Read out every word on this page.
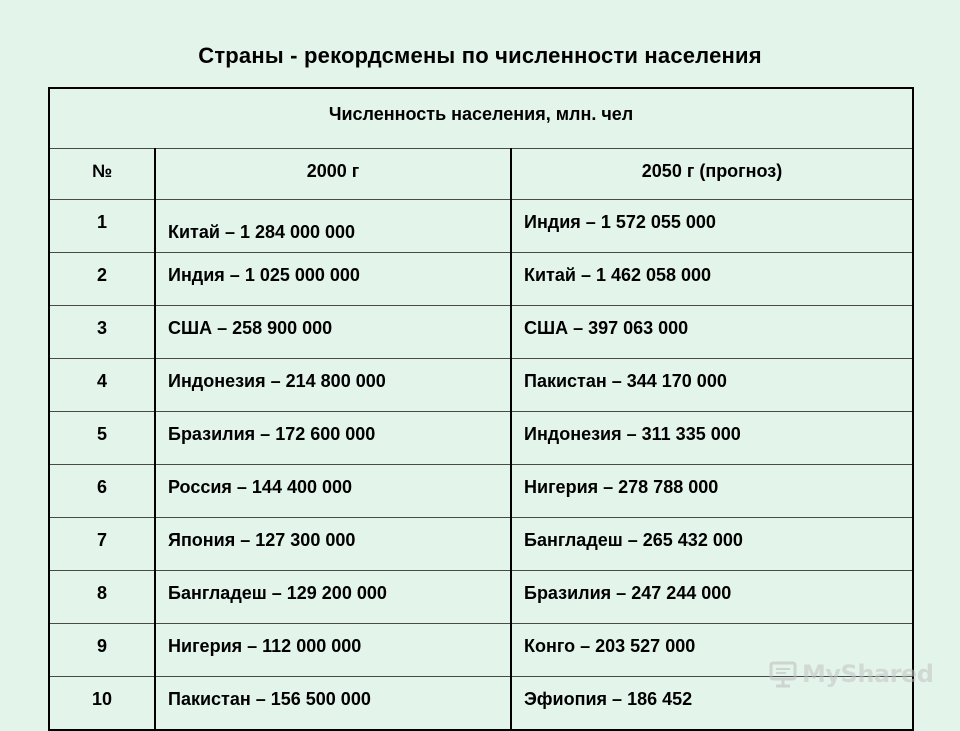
Страны - рекордсмены по численности населения
Численность населения, млн. чел		
№	2000 г	2050 г (прогноз)
1	Китай – 1 284 000 000	Индия – 1 572 055 000
2	Индия – 1 025 000 000	Китай – 1 462 058 000
3	США – 258 900 000	США – 397 063 000
4	Индонезия – 214 800 000	Пакистан – 344 170 000
5	Бразилия – 172 600 000	Индонезия – 311 335 000
6	Россия – 144 400 000	Нигерия – 278 788 000
7	Япония – 127 300 000	Бангладеш – 265 432 000
8	Бангладеш – 129 200 000	Бразилия – 247 244 000
9	Нигерия – 112 000 000	Конго – 203 527 000
10	Пакистан – 156 500 000	Эфиопия – 186 452
MyShared
